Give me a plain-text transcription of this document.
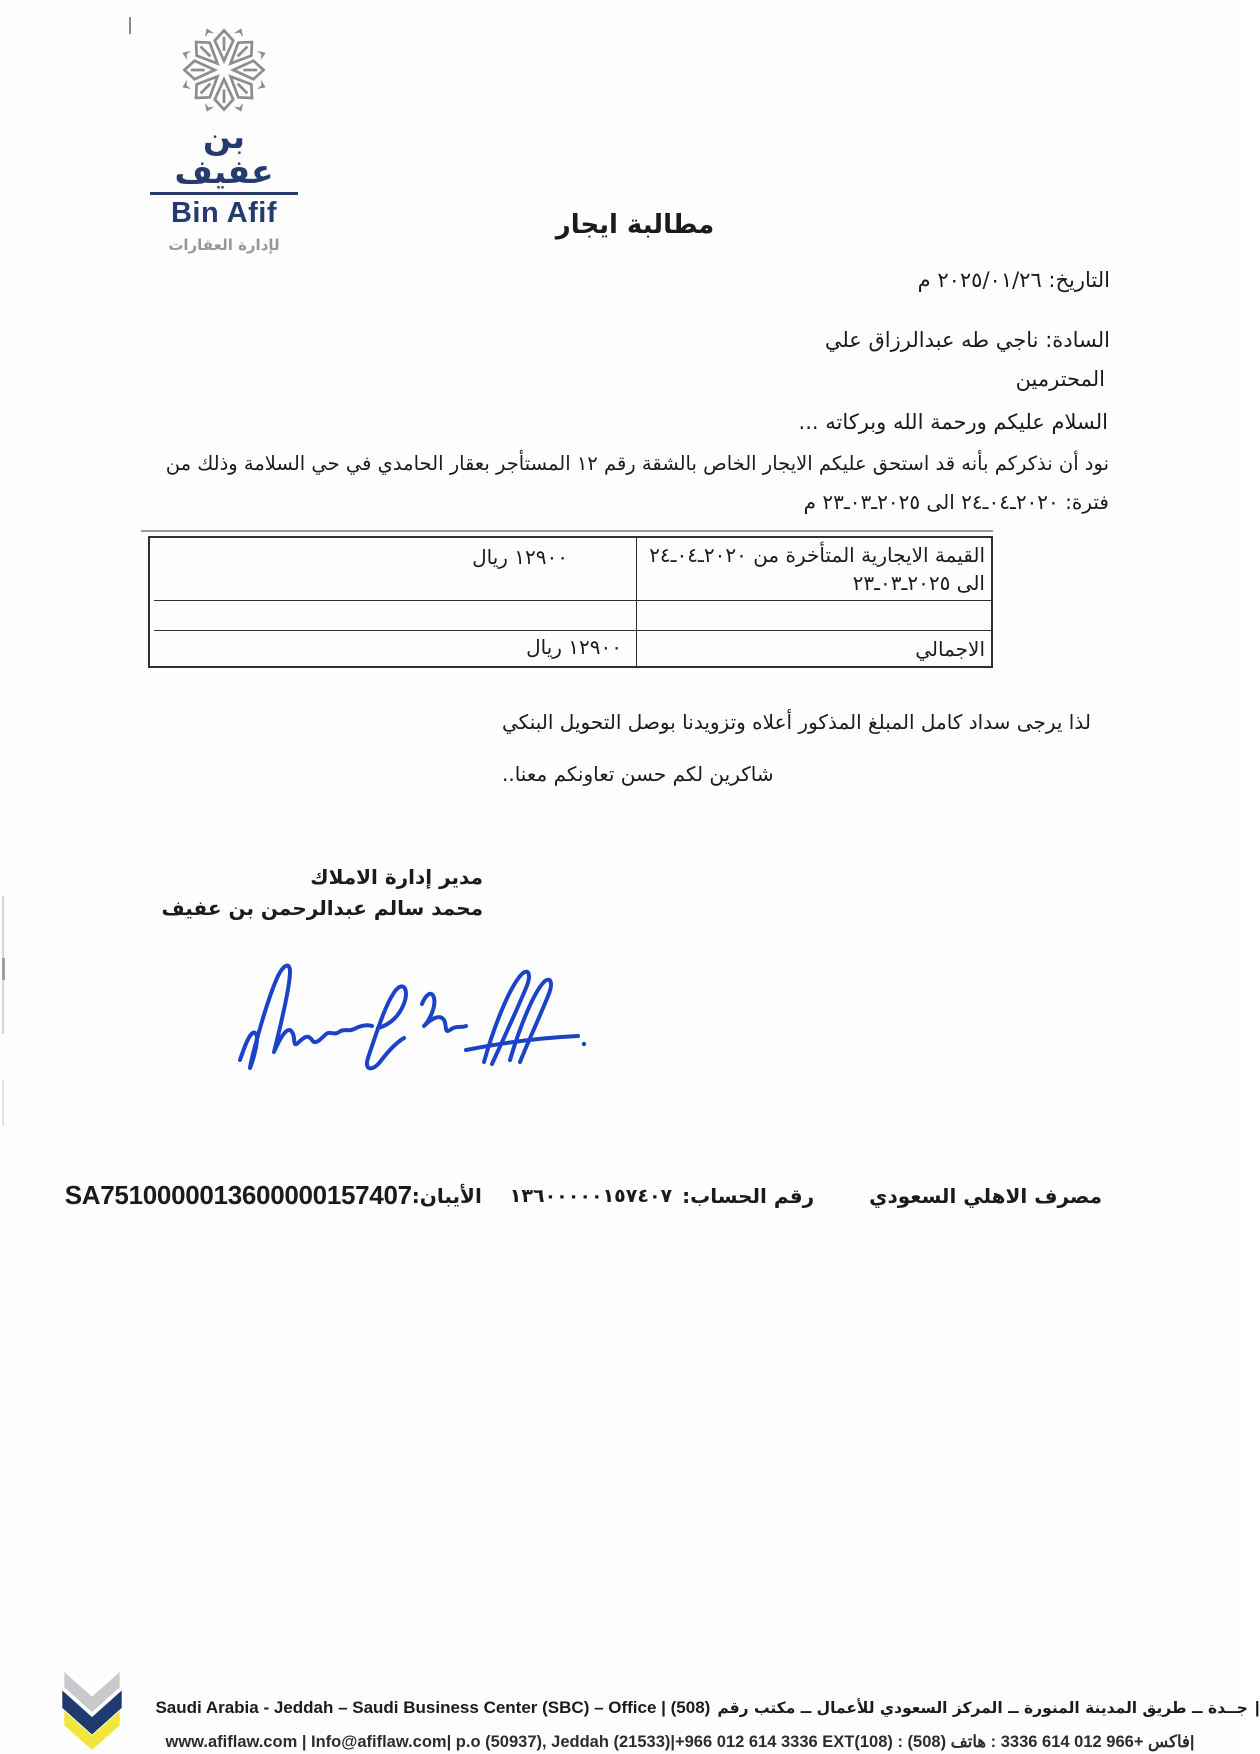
بن عفيف
Bin Afif
لإدارة العقارات
مطالبة ايجار
التاريخ: ٢٠٢٥/٠١/٢٦ م
السادة: ناجي طه عبدالرزاق علي
المحترمين
السلام عليكم ورحمة الله وبركاته ...
نود أن نذكركم بأنه قد استحق عليكم الايجار الخاص بالشقة رقم ١٢ المستأجر بعقار الحامدي في حي السلامة وذلك من
فترة: ٢٠٢٠ـ٠٤ـ٢٤ الى ٢٠٢٥ـ٠٣ـ٢٣ م
القيمة الايجارية المتأخرة من ٢٠٢٠ـ٠٤ـ٢٤ الى ٢٠٢٥ـ٠٣ـ٢٣
١٢٩٠٠ ريال
الاجمالي
١٢٩٠٠ ريال
لذا يرجى سداد كامل المبلغ المذكور أعلاه وتزويدنا بوصل التحويل البنكي
شاكرين لكم حسن تعاونكم معنا..
مدير إدارة الاملاك
محمد سالم عبدالرحمن بن عفيف
مصرف الاهلي السعودي
رقم الحساب:
١٣٦٠٠٠٠٠١٥٧٤٠٧
الأيبان:
SA7510000013600000157407
Saudi Arabia - Jeddah – Saudi Business Center (SBC) – Office | (508) جــدة ــ طريق المدينة المنورة ــ المركز السعودي للأعمال ــ مكتب رقم |
www.afiflaw.com | Info@afiflaw.com| p.o (50937), Jeddah (21533)|+966 012 614 3336 EXT(108) : فاكس +966 012 614 3336 : هاتف (508)|
